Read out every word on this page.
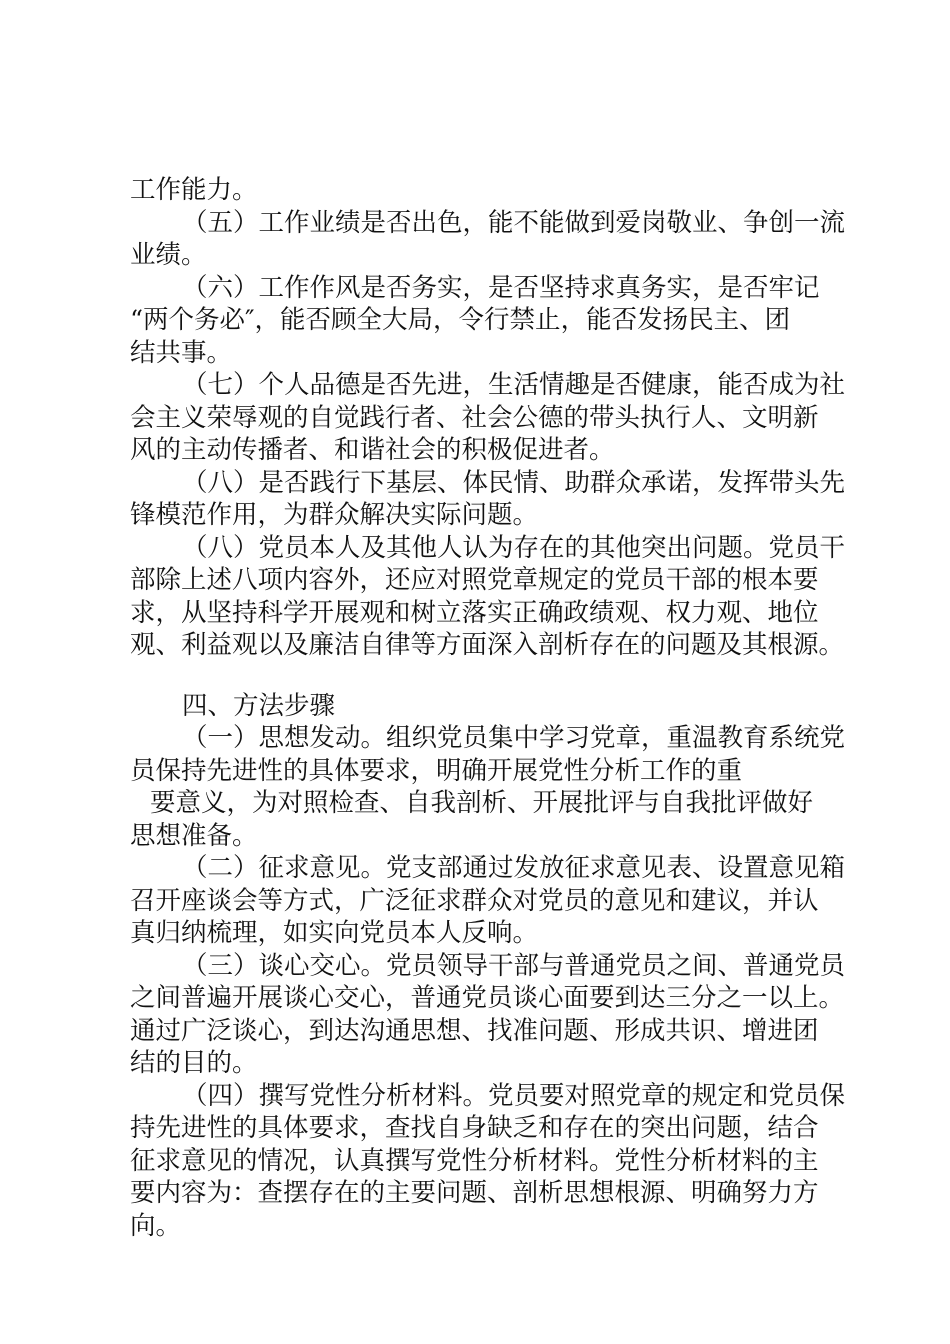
工作能力。
（五）工作业绩是否出色，能不能做到爱岗敬业、争创一流
业绩。
（六）工作作风是否务实，是否坚持求真务实，是否牢记
“两个务必″，能否顾全大局，令行禁止，能否发扬民主、团
结共事。
（七）个人品德是否先进，生活情趣是否健康，能否成为社
会主义荣辱观的自觉践行者、社会公德的带头执行人、文明新
风的主动传播者、和谐社会的积极促进者。
（八）是否践行下基层、体民情、助群众承诺，发挥带头先
锋模范作用，为群众解决实际问题。
（八）党员本人及其他人认为存在的其他突出问题。党员干
部除上述八项内容外，还应对照党章规定的党员干部的根本要
求，从坚持科学开展观和树立落实正确政绩观、权力观、地位
观、利益观以及廉洁自律等方面深入剖析存在的问题及其根源。
四、方法步骤
（一）思想发动。组织党员集中学习党章，重温教育系统党
员保持先进性的具体要求，明确开展党性分析工作的重
要意义，为对照检查、自我剖析、开展批评与自我批评做好
思想准备。
（二）征求意见。党支部通过发放征求意见表、设置意见箱
召开座谈会等方式，广泛征求群众对党员的意见和建议，并认
真归纳梳理，如实向党员本人反响。
（三）谈心交心。党员领导干部与普通党员之间、普通党员
之间普遍开展谈心交心，普通党员谈心面要到达三分之一以上。
通过广泛谈心，到达沟通思想、找准问题、形成共识、增进团
结的目的。
（四）撰写党性分析材料。党员要对照党章的规定和党员保
持先进性的具体要求，查找自身缺乏和存在的突出问题，结合
征求意见的情况，认真撰写党性分析材料。党性分析材料的主
要内容为：查摆存在的主要问题、剖析思想根源、明确努力方
向。
